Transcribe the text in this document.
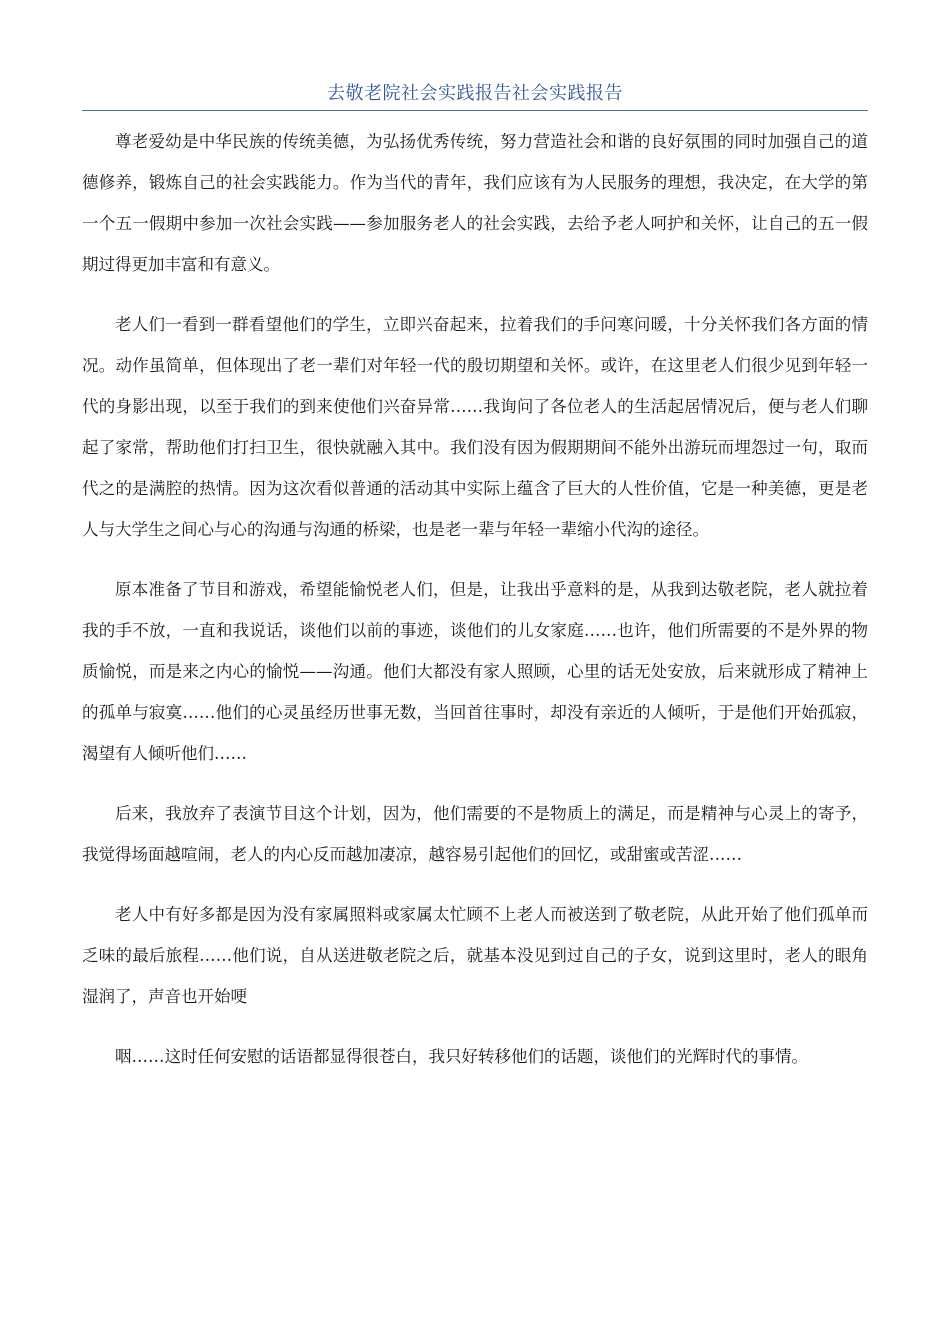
去敬老院社会实践报告社会实践报告

尊老爱幼是中华民族的传统美德，为弘扬优秀传统，努力营造社会和谐的良好氛围的同时加强自己的道德修养，锻炼自己的社会实践能力。作为当代的青年，我们应该有为人民服务的理想，我决定，在大学的第一个五一假期中参加一次社会实践——参加服务老人的社会实践，去给予老人呵护和关怀，让自己的五一假期过得更加丰富和有意义。

老人们一看到一群看望他们的学生，立即兴奋起来，拉着我们的手问寒问暖，十分关怀我们各方面的情况。动作虽简单，但体现出了老一辈们对年轻一代的殷切期望和关怀。或许，在这里老人们很少见到年轻一代的身影出现，以至于我们的到来使他们兴奋异常……我询问了各位老人的生活起居情况后，便与老人们聊起了家常，帮助他们打扫卫生，很快就融入其中。我们没有因为假期期间不能外出游玩而埋怨过一句，取而代之的是满腔的热情。因为这次看似普通的活动其中实际上蕴含了巨大的人性价值，它是一种美德，更是老人与大学生之间心与心的沟通与沟通的桥梁，也是老一辈与年轻一辈缩小代沟的途径。

原本准备了节目和游戏，希望能愉悦老人们，但是，让我出乎意料的是，从我到达敬老院，老人就拉着我的手不放，一直和我说话，谈他们以前的事迹，谈他们的儿女家庭……也许，他们所需要的不是外界的物质愉悦，而是来之内心的愉悦——沟通。他们大都没有家人照顾，心里的话无处安放，后来就形成了精神上的孤单与寂寞……他们的心灵虽经历世事无数，当回首往事时，却没有亲近的人倾听，于是他们开始孤寂，渴望有人倾听他们……

后来，我放弃了表演节目这个计划，因为，他们需要的不是物质上的满足，而是精神与心灵上的寄予，我觉得场面越喧闹，老人的内心反而越加凄凉，越容易引起他们的回忆，或甜蜜或苦涩……

老人中有好多都是因为没有家属照料或家属太忙顾不上老人而被送到了敬老院，从此开始了他们孤单而乏味的最后旅程……他们说，自从送进敬老院之后，就基本没见到过自己的子女，说到这里时，老人的眼角湿润了，声音也开始哽

咽……这时任何安慰的话语都显得很苍白，我只好转移他们的话题，谈他们的光辉时代的事情。
